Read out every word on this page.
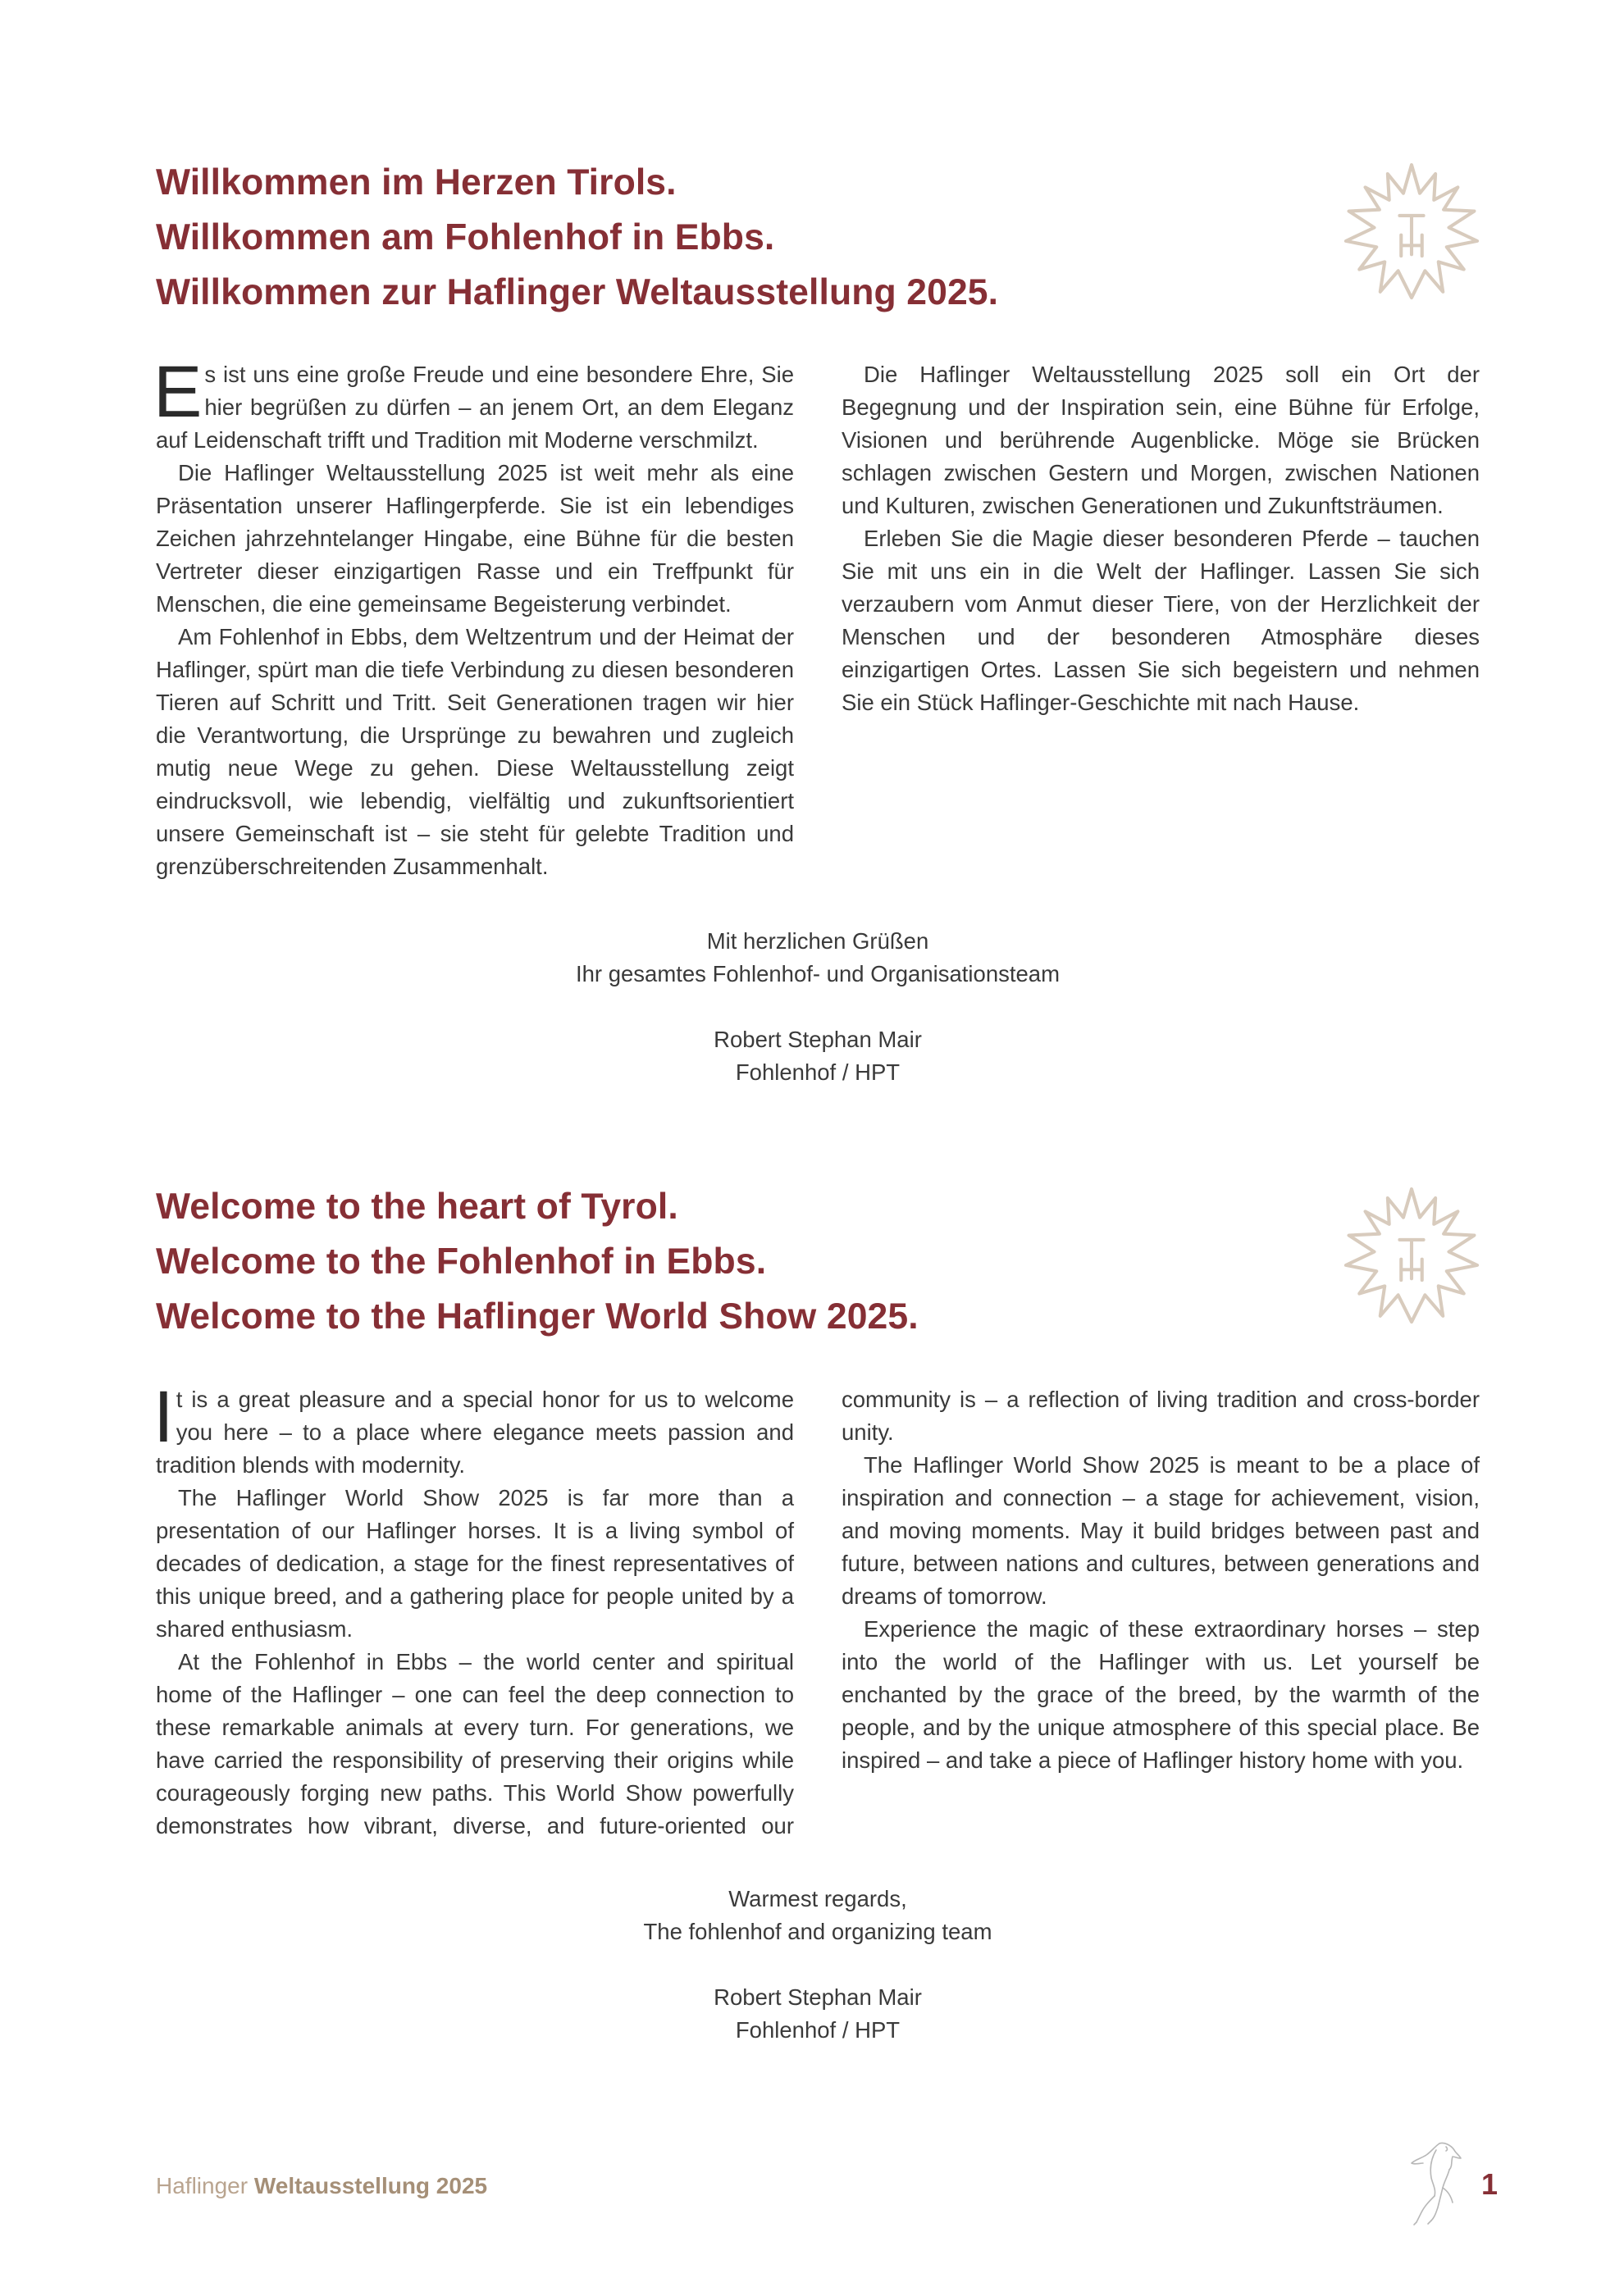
Willkommen im Herzen Tirols.
Willkommen am Fohlenhof in Ebbs.
Willkommen zur Haflinger Weltausstellung 2025.

Es ist uns eine große Freude und eine besondere Ehre, Sie hier begrüßen zu dürfen – an jenem Ort, an dem Eleganz auf Leidenschaft trifft und Tradition mit Moderne verschmilzt.

Die Haflinger Weltausstellung 2025 ist weit mehr als eine Präsentation unserer Haflingerpferde. Sie ist ein lebendiges Zeichen jahrzehntelanger Hingabe, eine Bühne für die besten Vertreter dieser einzigartigen Rasse und ein Treffpunkt für Menschen, die eine gemeinsame Begeisterung verbindet.

Am Fohlenhof in Ebbs, dem Weltzentrum und der Heimat der Haflinger, spürt man die tiefe Verbindung zu diesen besonderen Tieren auf Schritt und Tritt. Seit Generationen tragen wir hier die Verantwortung, die Ursprünge zu bewahren und zugleich mutig neue Wege zu gehen. Diese Weltausstellung zeigt eindrucksvoll, wie lebendig, vielfältig und zukunftsorientiert unsere Gemeinschaft ist – sie steht für gelebte Tradition und grenzüberschreitenden Zusammenhalt.

Die Haflinger Weltausstellung 2025 soll ein Ort der Begegnung und der Inspiration sein, eine Bühne für Erfolge, Visionen und berührende Augenblicke. Möge sie Brücken schlagen zwischen Gestern und Morgen, zwischen Nationen und Kulturen, zwischen Generationen und Zukunftsträumen.

Erleben Sie die Magie dieser besonderen Pferde – tauchen Sie mit uns ein in die Welt der Haflinger. Lassen Sie sich verzaubern vom Anmut dieser Tiere, von der Herzlichkeit der Menschen und der besonderen Atmosphäre dieses einzigartigen Ortes. Lassen Sie sich begeistern und nehmen Sie ein Stück Haflinger-Geschichte mit nach Hause.

Mit herzlichen Grüßen
Ihr gesamtes Fohlenhof- und Organisationsteam
Robert Stephan Mair
Fohlenhof / HPT
Welcome to the heart of Tyrol.
Welcome to the Fohlenhof in Ebbs.
Welcome to the Haflinger World Show 2025.

It is a great pleasure and a special honor for us to welcome you here – to a place where elegance meets passion and tradition blends with modernity.

The Haflinger World Show 2025 is far more than a presentation of our Haflinger horses. It is a living symbol of decades of dedication, a stage for the finest representatives of this unique breed, and a gathering place for people united by a shared enthusiasm.

At the Fohlenhof in Ebbs – the world center and spiritual home of the Haflinger – one can feel the deep connection to these remarkable animals at every turn. For generations, we have carried the responsibility of preserving their origins while courageously forging new paths. This World Show powerfully demonstrates how vibrant, diverse, and future-oriented our community is – a reflection of living tradition and cross-border unity.

The Haflinger World Show 2025 is meant to be a place of inspiration and connection – a stage for achievement, vision, and moving moments. May it build bridges between past and future, between nations and cultures, between generations and dreams of tomorrow.

Experience the magic of these extraordinary horses – step into the world of the Haflinger with us. Let yourself be enchanted by the grace of the breed, by the warmth of the people, and by the unique atmosphere of this special place. Be inspired – and take a piece of Haflinger history home with you.

Warmest regards,
The fohlenhof and organizing team
Robert Stephan Mair
Fohlenhof / HPT
Haflinger Weltausstellung 2025	1
